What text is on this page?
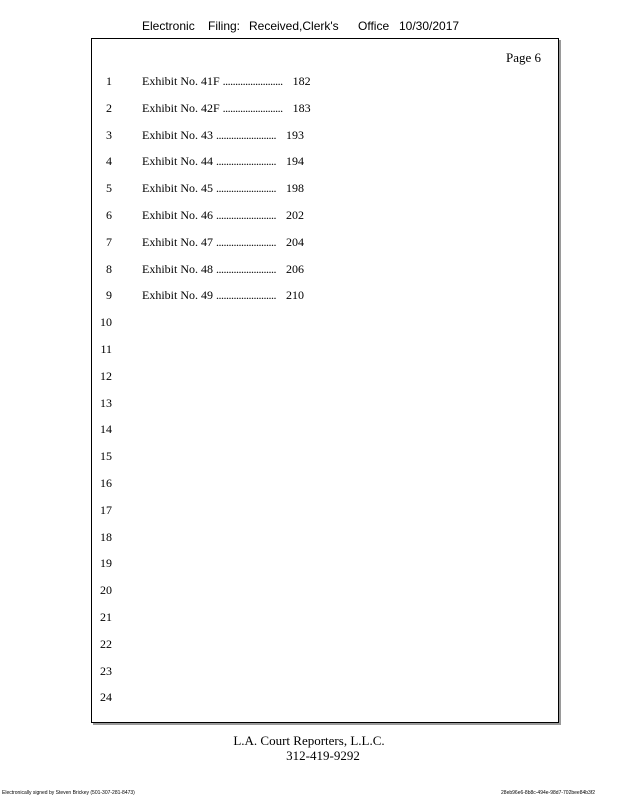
Electronic Filing: Received,Clerk's Office 10/30/2017
Page 6
1
2
3
4
5
6
7
8
9
10
11
12
13
14
15
16
17
18
19
20
21
22
23
24
Exhibit No. 41F ........................ 182
Exhibit No. 42F ........................ 183
Exhibit No. 43 ........................ 193
Exhibit No. 44 ........................ 194
Exhibit No. 45 ........................ 198
Exhibit No. 46 ........................ 202
Exhibit No. 47 ........................ 204
Exhibit No. 48 ........................ 206
Exhibit No. 49 ........................ 210
L.A. Court Reporters, L.L.C.
312-419-9292
Electronically signed by Steven Brickey (501-307-281-8473)	28eb96e6-8b8c-494e-98d7-702bee84b3f2
